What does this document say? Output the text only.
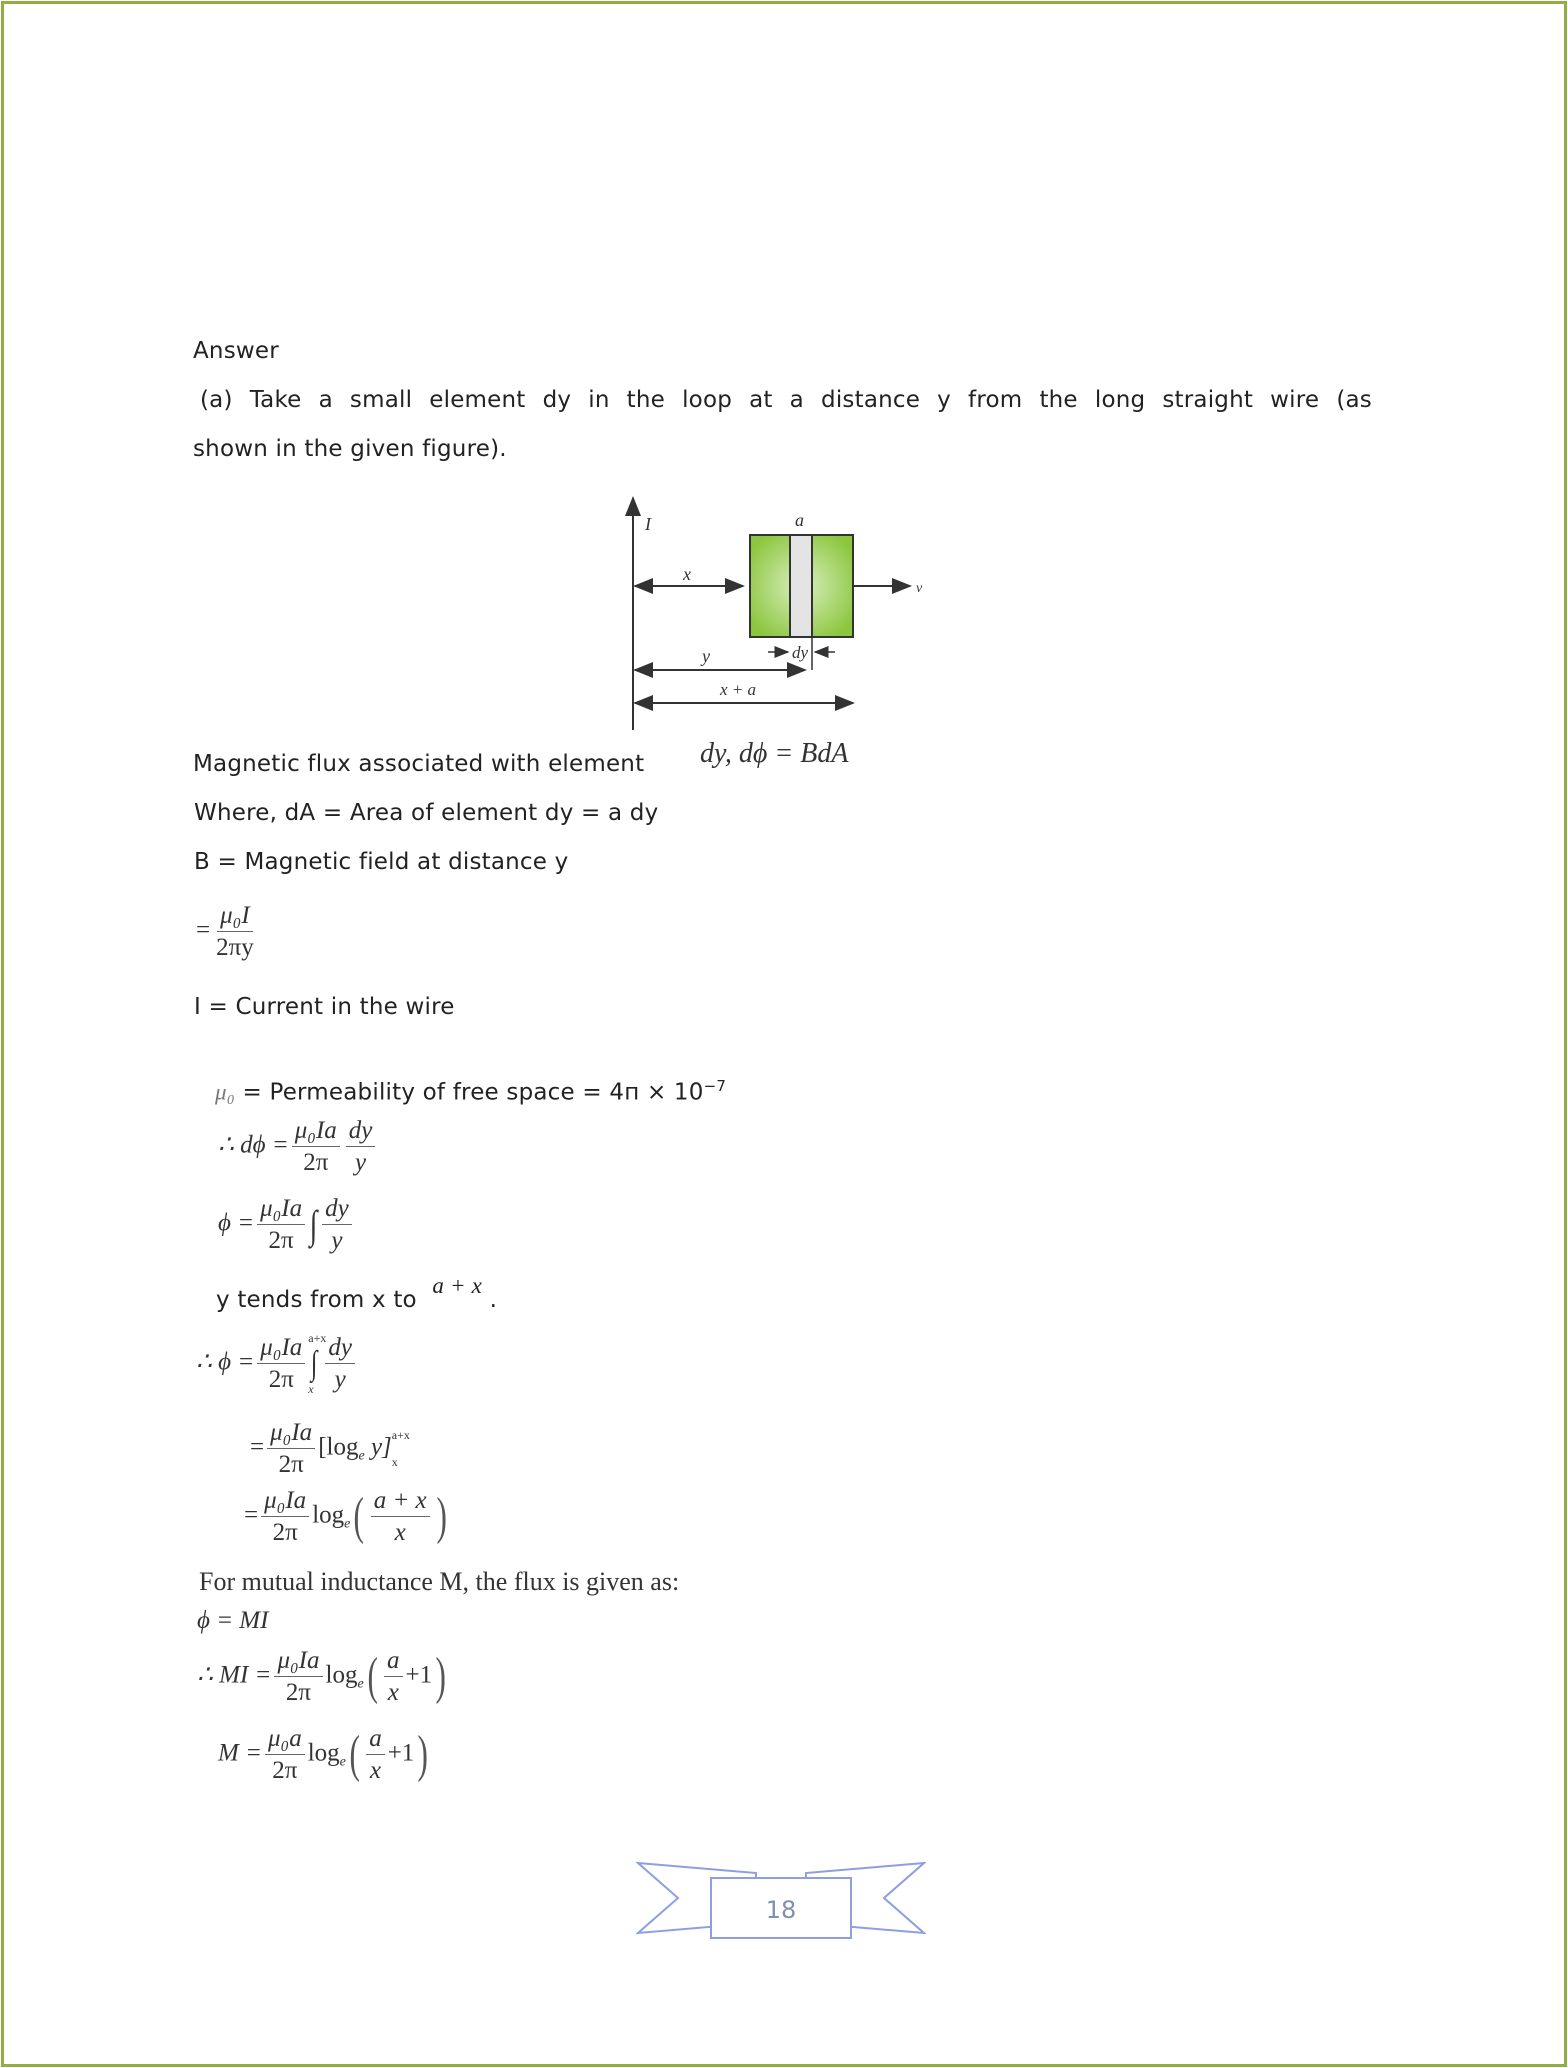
Answer
(a) Take a small element dy in the loop at a distance y from the long straight wire (as
shown in the given figure).
I	a
x
v
dy
y
x + a
Magnetic flux associated with element dy, dϕ = BdA
Where, dA = Area of element dy = a dy
B = Magnetic field at distance y
= $\frac{\text{μ₀I}}{2\pi y}$
I = Current in the wire
μ₀ = Permeability of free space = $4п \times 10^{-7}$
∴ $d\phi = \frac{\text{μ₀Ia}}{2\pi} \frac{dy}{y}$
$\phi = \frac{\text{μ₀Ia}}{2\pi}$ ∫ $\frac{dy}{y}$
y tends from x to a + x .
∴ $\phi = \frac{\text{μ₀Ia}}{2\pi} a+x$
∫
x $\frac{dy}{y}$
= $\frac{\text{μ₀Ia}}{2\pi} [\log_e$ y] a+x
x
= $\frac{\text{μ₀Ia}}{2\pi} \log_e( \frac{a + x}{x}$ )
For mutual inductance M, the flux is given as:
ϕ = MI
∴ MI = $\frac{\text{μ₀Ia}}{2\pi} \log_e( \frac{a}{x} +1)$
$M = \frac{\text{μ₀a}}{2\pi} \log_e( \frac{a}{x} +1)$
18
